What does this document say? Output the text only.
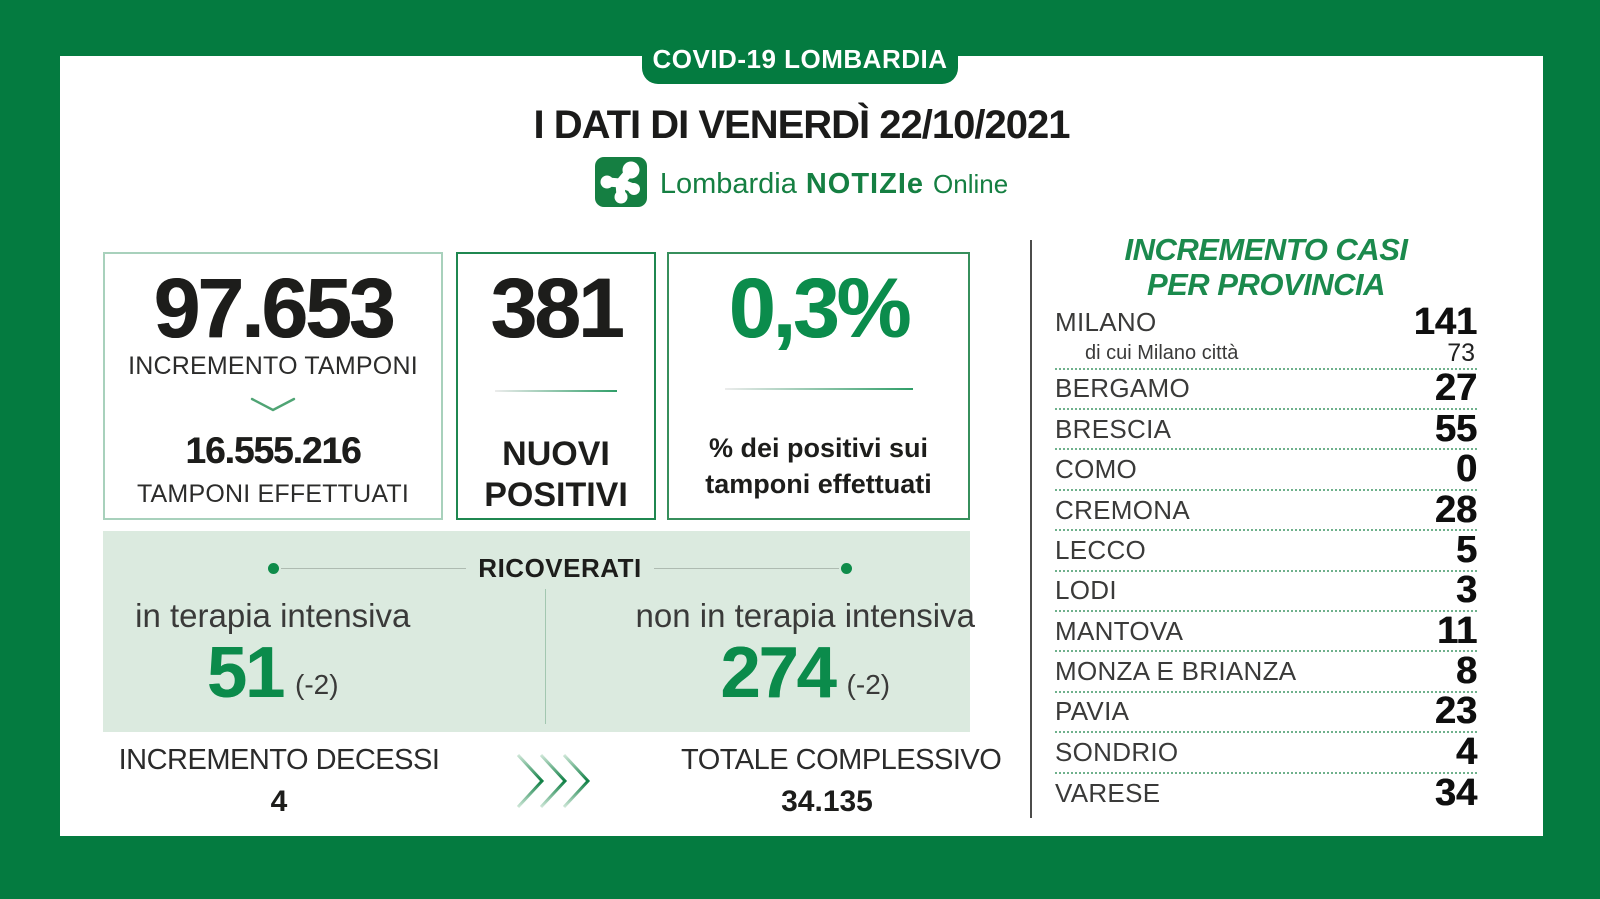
I DATI DI VENERDÌ 22/10/2021
Lombardia NOTIZIe Online
97.653
INCREMENTO TAMPONI
16.555.216
TAMPONI EFFETTUATI
381
NUOVI
POSITIVI
0,3%
% dei positivi sui
tamponi effettuati
RICOVERATI
in terapia intensiva
51 (-2)
non in terapia intensiva
274 (-2)
INCREMENTO DECESSI
4
TOTALE COMPLESSIVO
34.135
INCREMENTO CASI
PER PROVINCIA
MILANO	141
di cui Milano città	73
BERGAMO	27
BRESCIA	55
COMO	0
CREMONA	28
LECCO	5
LODI	3
MANTOVA	11
MONZA E BRIANZA	8
PAVIA	23
SONDRIO	4
VARESE	34
COVID-19 LOMBARDIA
